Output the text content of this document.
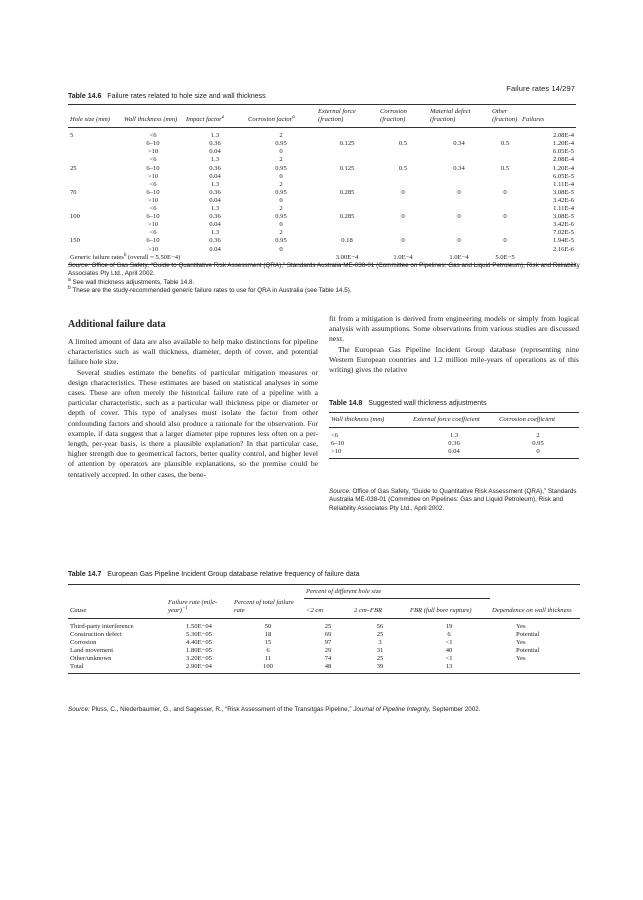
Failure rates 14/297
Table 14.6 Failure rates related to hole size and wall thickness
Hole size (mm)	Wall thickness (mm)	Impact factor$^a$	Corrosion factor$^a$	External force (fraction)	Corrosion (fraction)	Material defect (fraction)	Other (fraction)	Failures
5	<6	1.3	2					2.08E-4
	6–10	0.36	0.95	0.125	0.5	0.34	0.5	1.20E-4
	>10	0.04	0					6.05E-5
	<6	1.3	2					2.08E-4
25	6–10	0.36	0.95	0.125	0.5	0.34	0.5	1.20E-4
	>10	0.04	0					6.05E-5
	<6	1.3	2					1.11E-4
70	6–10	0.36	0.95	0.285	0	0	0	3.08E-5
	>10	0.04	0					3.42E-6
	<6	1.3	2					1.11E-4
100	6–10	0.36	0.95	0.285	0	0	0	3.08E-5
	>10	0.04	0					3.42E-6
	<6	1.3	2					7.02E-5
150	6–10	0.36	0.95	0.18	0	0	0	1.94E-5
	>10	0.04	0					2.16E-6
Generic failure rates$^b$ (overall = 5.50E−4)				3.00E−4	1.0E−4	1.0E−4	5.0E−5	
Source: Office of Gas Safety, “Guide to Quantitative Risk Assessment (QRA),” Standards Australia ME-038-01 (Committee on Pipelines: Gas and Liquid Petroleum), Risk and Reliability Associates Pty Ltd., April 2002.
$^a$ See wall thickness adjustments, Table 14.8.
$^b$ These are the study-recommended generic failure rates to use for QRA in Australia (see Table 14.5).
Additional failure data

A limited amount of data are also available to help make distinctions for pipeline characteristics such as wall thickness, diameter, depth of cover, and potential failure hole size.

Several studies estimate the benefits of particular mitigation measures or design characteristics. These estimates are based on statistical analyses in some cases. These are often merely the historical failure rate of a pipeline with a particular characteristic, such as a particular wall thickness pipe or diameter or depth of cover. This type of analyses must isolate the factor from other confounding factors and should also produce a rationale for the observation. For example, if data suggest that a larger diameter pipe ruptures less often on a per-length, per-year basis, is there a plausible explanation? In that particular case, higher strength due to geometrical factors, better quality control, and higher level of attention by operators are plausible explanations, so the premise could be tentatively accepted. In other cases, the bene-

fit from a mitigation is derived from engineering models or simply from logical analysis with assumptions. Some observations from various studies are discussed next.

The European Gas Pipeline Incident Group database (representing nine Western European countries and 1.2 million mile-years of operations as of this writing) gives the relative

Table 14.8 Suggested wall thickness adjustments
Wall thickness (mm)	External force coefficient	Corrosion coefficient
<6	1.3	2
6–10	0.36	0.95
>10	0.04	0
Source: Office of Gas Safety, “Guide to Quantitative Risk Assessment (QRA),” Standards Australia ME-038-01 (Committee on Pipelines: Gas and Liquid Petroleum), Risk and Reliability Associates Pty Ltd., April 2002.
Table 14.7 European Gas Pipeline Incident Group database relative frequency of failure data
			Percent of different hole size			
Cause	Failure rate (mile-year)$^{-1}$	Percent of total failure rate	<2 cm	2 cm–FBR	FBR (full bore rupture)	Dependence on wall thickness
Third-party interference	1.50E−04	50	25	56	19	Yes
Construction defect	5.30E−05	18	69	25	6	Potential
Corrosion	4.40E−05	15	97	3	<1	Yes
Land movement	1.80E−05	6	29	31	40	Potential
Other/unknown	3.20E−05	11	74	25	<1	Yes
Total	2.90E−04	100	48	39	13	
Source: Pluss, C., Niederbaumer, G., and Sagesser, R., “Risk Assessment of the Transitgas Pipeline,” Journal of Pipeline Integrity, September 2002.
